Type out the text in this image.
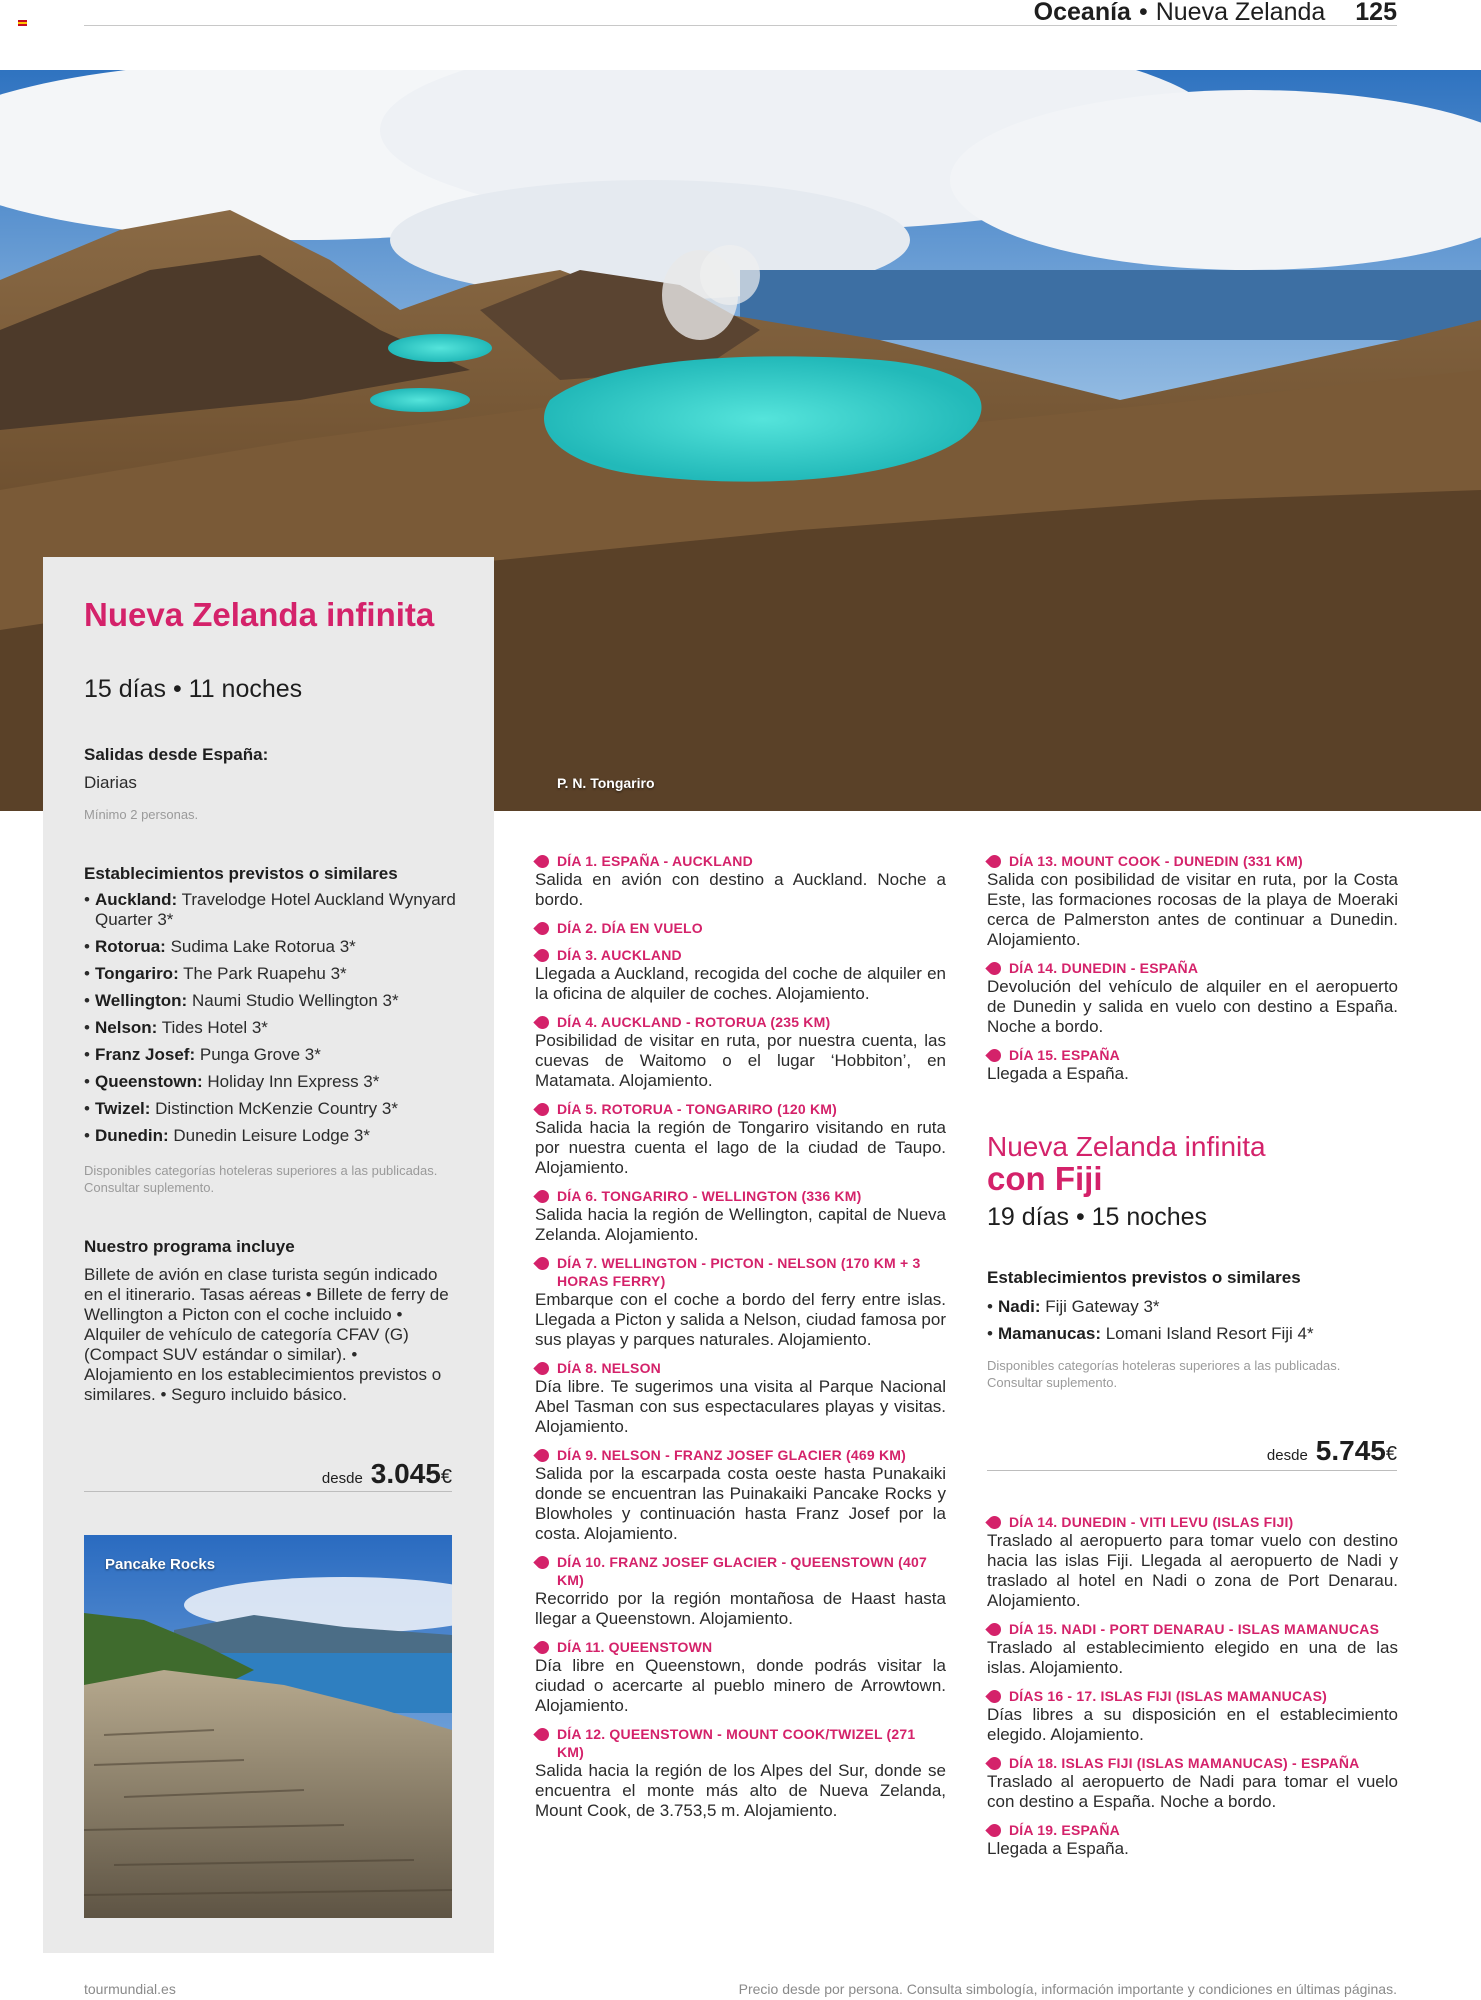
Oceanía • Nueva Zelanda 125
P. N. Tongariro
Nueva Zelanda infinita
15 días • 11 noches
Salidas desde España:
Diarias
Mínimo 2 personas.
Establecimientos previstos o similares
• Auckland: Travelodge Hotel Auckland Wynyard Quarter 3*
• Rotorua: Sudima Lake Rotorua 3*
• Tongariro: The Park Ruapehu 3*
• Wellington: Naumi Studio Wellington 3*
• Nelson: Tides Hotel 3*
• Franz Josef: Punga Grove 3*
• Queenstown: Holiday Inn Express 3*
• Twizel: Distinction McKenzie Country 3*
• Dunedin: Dunedin Leisure Lodge 3*
Disponibles categorías hoteleras superiores a las publicadas. Consultar suplemento.
Nuestro programa incluye
Billete de avión en clase turista según indicado en el itinerario. Tasas aéreas • Billete de ferry de Wellington a Picton con el coche incluido • Alquiler de vehículo de categoría CFAV (G) (Compact SUV estándar o similar). • Alojamiento en los establecimientos previstos o similares. • Seguro incluido básico.
desde 3.045 €
Pancake Rocks
DÍA 1. ESPAÑA - AUCKLAND
Salida en avión con destino a Auckland. Noche a bordo.
DÍA 2. DÍA EN VUELO
DÍA 3. AUCKLAND
Llegada a Auckland, recogida del coche de alquiler en la oficina de alquiler de coches. Alojamiento.
DÍA 4. AUCKLAND - ROTORUA (235 KM)
Posibilidad de visitar en ruta, por nuestra cuenta, las cuevas de Waitomo o el lugar ‘Hobbiton’, en Matamata. Alojamiento.
DÍA 5. ROTORUA - TONGARIRO (120 KM)
Salida hacia la región de Tongariro visitando en ruta por nuestra cuenta el lago de la ciudad de Taupo. Alojamiento.
DÍA 6. TONGARIRO - WELLINGTON (336 KM)
Salida hacia la región de Wellington, capital de Nueva Zelanda. Alojamiento.
DÍA 7. WELLINGTON - PICTON - NELSON (170 KM + 3 HORAS FERRY)
Embarque con el coche a bordo del ferry entre islas. Llegada a Picton y salida a Nelson, ciudad famosa por sus playas y parques naturales. Alojamiento.
DÍA 8. NELSON
Día libre. Te sugerimos una visita al Parque Nacional Abel Tasman con sus espectaculares playas y visitas. Alojamiento.
DÍA 9. NELSON - FRANZ JOSEF GLACIER (469 KM)
Salida por la escarpada costa oeste hasta Punakaiki donde se encuentran las Puinakaiki Pancake Rocks y Blowholes y continuación hasta Franz Josef por la costa. Alojamiento.
DÍA 10. FRANZ JOSEF GLACIER - QUEENSTOWN (407 KM)
Recorrido por la región montañosa de Haast hasta llegar a Queenstown. Alojamiento.
DÍA 11. QUEENSTOWN
Día libre en Queenstown, donde podrás visitar la ciudad o acercarte al pueblo minero de Arrowtown. Alojamiento.
DÍA 12. QUEENSTOWN - MOUNT COOK/TWIZEL (271 KM)
Salida hacia la región de los Alpes del Sur, donde se encuentra el monte más alto de Nueva Zelanda, Mount Cook, de 3.753,5 m. Alojamiento.
DÍA 13. MOUNT COOK - DUNEDIN (331 KM)
Salida con posibilidad de visitar en ruta, por la Costa Este, las formaciones rocosas de la playa de Moeraki cerca de Palmerston antes de continuar a Dunedin. Alojamiento.
DÍA 14. DUNEDIN - ESPAÑA
Devolución del vehículo de alquiler en el aeropuerto de Dunedin y salida en vuelo con destino a España. Noche a bordo.
DÍA 15. ESPAÑA
Llegada a España.
Nueva Zelanda infinita
con Fiji
19 días • 15 noches
Establecimientos previstos o similares
• Nadi: Fiji Gateway 3*
• Mamanucas: Lomani Island Resort Fiji 4*
Disponibles categorías hoteleras superiores a las publicadas. Consultar suplemento.
desde 5.745 €
DÍA 14. DUNEDIN - VITI LEVU (ISLAS FIJI)
Traslado al aeropuerto para tomar vuelo con destino hacia las islas Fiji. Llegada al aeropuerto de Nadi y traslado al hotel en Nadi o zona de Port Denarau. Alojamiento.
DÍA 15. NADI - PORT DENARAU - ISLAS MAMANUCAS
Traslado al establecimiento elegido en una de las islas. Alojamiento.
DÍAS 16 - 17. ISLAS FIJI (ISLAS MAMANUCAS)
Días libres a su disposición en el establecimiento elegido. Alojamiento.
DÍA 18. ISLAS FIJI (ISLAS MAMANUCAS) - ESPAÑA
Traslado al aeropuerto de Nadi para tomar el vuelo con destino a España. Noche a bordo.
DÍA 19. ESPAÑA
Llegada a España.
tourmundial.es	Precio desde por persona. Consulta simbología, información importante y condiciones en últimas páginas.
